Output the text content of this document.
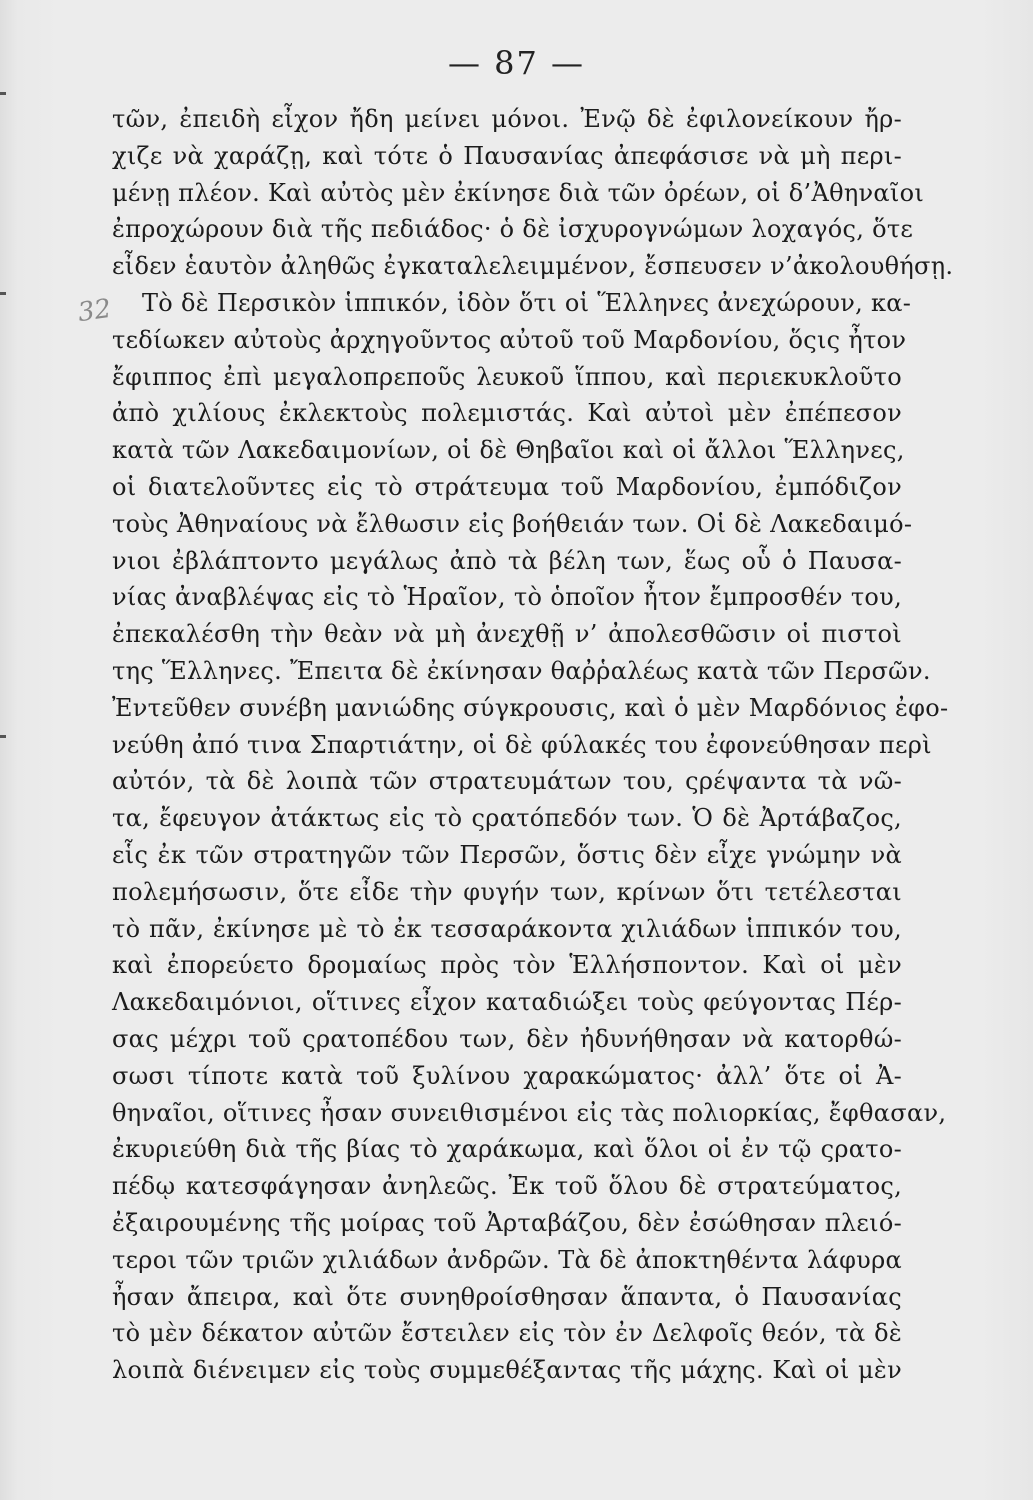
— 87 —
32
τῶν, ἐπειδὴ εἶχον ἤδη μείνει μόνοι. Ἐνῷ δὲ ἐφιλονείκουν ἤρ-
χιζε νὰ χαράζῃ, καὶ τότε ὁ Παυσανίας ἀπεφάσισε νὰ μὴ περι-
μένῃ πλέον. Καὶ αὐτὸς μὲν ἐκίνησε διὰ τῶν ὀρέων, οἱ δ’Ἀθηναῖοι
ἐπροχώρουν διὰ τῆς πεδιάδος· ὁ δὲ ἰσχυρογνώμων λοχαγός, ὅτε
εἶδεν ἑαυτὸν ἀληθῶς ἐγκαταλελειμμένον, ἔσπευσεν ν’ἀκολουθήσῃ.
Τὸ δὲ Περσικὸν ἱππικόν, ἰδὸν ὅτι οἱ Ἕλληνες ἀνεχώρουν, κα-
τεδίωκεν αὐτοὺς ἀρχηγοῦντος αὐτοῦ τοῦ Μαρδονίου, ὅςις ἦτον
ἔφιππος ἐπὶ μεγαλοπρεποῦς λευκοῦ ἵππου, καὶ περιεκυκλοῦτο
ἀπὸ χιλίους ἐκλεκτοὺς πολεμιστάς. Καὶ αὐτοὶ μὲν ἐπέπεσον
κατὰ τῶν Λακεδαιμονίων, οἱ δὲ Θηβαῖοι καὶ οἱ ἄλλοι Ἕλληνες,
οἱ διατελοῦντες εἰς τὸ στράτευμα τοῦ Μαρδονίου, ἐμπόδιζον
τοὺς Ἀθηναίους νὰ ἔλθωσιν εἰς βοήθειάν των. Οἱ δὲ Λακεδαιμό-
νιοι ἐβλάπτοντο μεγάλως ἀπὸ τὰ βέλη των, ἕως οὗ ὁ Παυσα-
νίας ἀναβλέψας εἰς τὸ Ἡραῖον, τὸ ὁποῖον ἦτον ἔμπροσθέν του,
ἐπεκαλέσθη τὴν θεὰν νὰ μὴ ἀνεχθῇ ν’ ἀπολεσθῶσιν οἱ πιστοὶ
της Ἕλληνες. Ἔπειτα δὲ ἐκίνησαν θαῤῥαλέως κατὰ τῶν Περσῶν.
Ἐντεῦθεν συνέβη μανιώδης σύγκρουσις, καὶ ὁ μὲν Μαρδόνιος ἐφο-
νεύθη ἀπό τινα Σπαρτιάτην, οἱ δὲ φύλακές του ἐφονεύθησαν περὶ
αὐτόν, τὰ δὲ λοιπὰ τῶν στρατευμάτων του, ςρέψαντα τὰ νῶ-
τα, ἔφευγον ἀτάκτως εἰς τὸ ςρατόπεδόν των. Ὁ δὲ Ἀρτάβαζος,
εἷς ἐκ τῶν στρατηγῶν τῶν Περσῶν, ὅστις δὲν εἶχε γνώμην νὰ
πολεμήσωσιν, ὅτε εἶδε τὴν φυγήν των, κρίνων ὅτι τετέλεσται
τὸ πᾶν, ἐκίνησε μὲ τὸ ἐκ τεσσαράκοντα χιλιάδων ἱππικόν του,
καὶ ἐπορεύετο δρομαίως πρὸς τὸν Ἑλλήσποντον. Καὶ οἱ μὲν
Λακεδαιμόνιοι, οἵτινες εἶχον καταδιώξει τοὺς φεύγοντας Πέρ-
σας μέχρι τοῦ ςρατοπέδου των, δὲν ἠδυνήθησαν νὰ κατορθώ-
σωσι τίποτε κατὰ τοῦ ξυλίνου χαρακώματος· ἀλλ’ ὅτε οἱ Ἀ-
θηναῖοι, οἵτινες ἦσαν συνειθισμένοι εἰς τὰς πολιορκίας, ἔφθασαν,
ἐκυριεύθη διὰ τῆς βίας τὸ χαράκωμα, καὶ ὅλοι οἱ ἐν τῷ ςρατο-
πέδῳ κατεσφάγησαν ἀνηλεῶς. Ἐκ τοῦ ὅλου δὲ στρατεύματος,
ἐξαιρουμένης τῆς μοίρας τοῦ Ἀρταβάζου, δὲν ἐσώθησαν πλειό-
τεροι τῶν τριῶν χιλιάδων ἀνδρῶν. Τὰ δὲ ἀποκτηθέντα λάφυρα
ἦσαν ἄπειρα, καὶ ὅτε συνηθροίσθησαν ἅπαντα, ὁ Παυσανίας
τὸ μὲν δέκατον αὐτῶν ἔστειλεν εἰς τὸν ἐν Δελφοῖς θεόν, τὰ δὲ
λοιπὰ διένειμεν εἰς τοὺς συμμεθέξαντας τῆς μάχης. Καὶ οἱ μὲν
